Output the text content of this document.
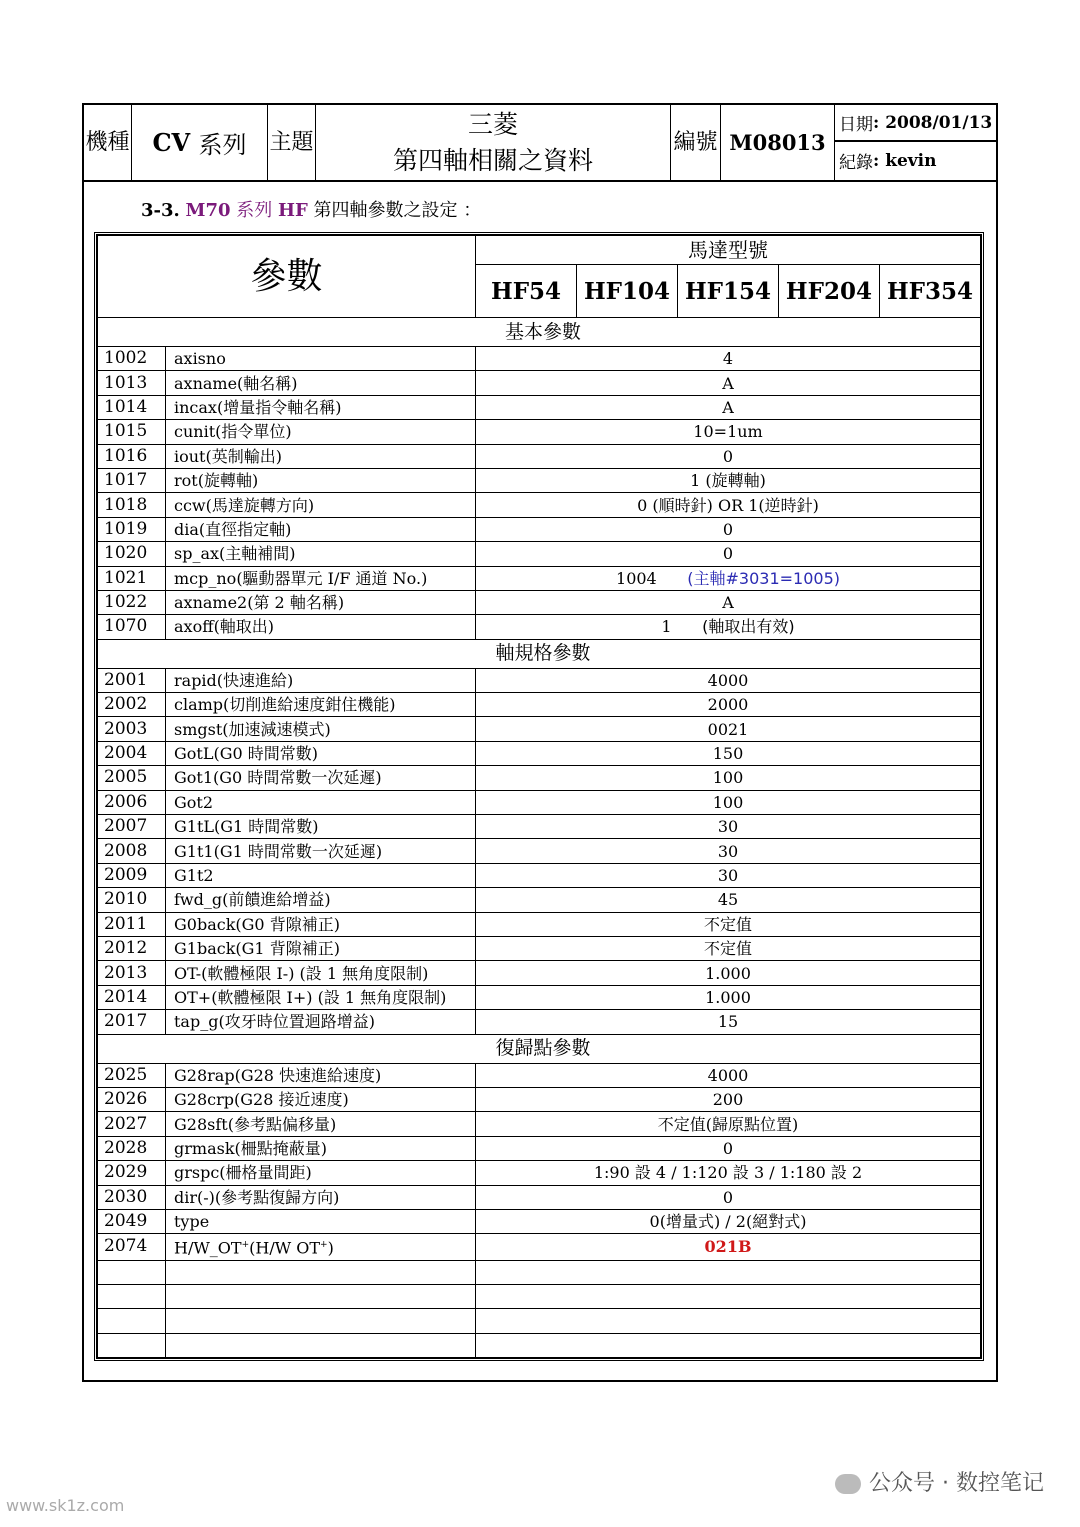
機種 CV
系列 主題
三菱
第四軸相關之資料
編號 M08013
日期 : 2008/01/13
紀錄 : kevin
3-3. M70 系列 HF 第四軸參數之設定 ：
參數		馬達型號				
		HF54	HF104	HF154	HF204	HF354
基本參數						
1002	axisno	4				
1013	axname(軸名稱)	A				
1014	incax(增量指令軸名稱)	A				
1015	cunit(指令單位)	10=1um				
1016	iout(英制輸出)	0				
1017	rot(旋轉軸)	1 (旋轉軸)				
1018	ccw(馬達旋轉方向)	0 (順時針) OR 1(逆時針)				
1019	dia(直徑指定軸)	0				
1020	sp_ax(主軸補間)	0				
1021	mcp_no(驅動器單元 I/F 通道 No.)	1004 (主軸#3031=1005)				
1022	axname2(第 2 軸名稱)	A				
1070	axoff(軸取出)	1 (軸取出有效)				
軸規格參數						
2001	rapid(快速進給)	4000				
2002	clamp(切削進給速度鉗住機能)	2000				
2003	smgst(加速減速模式)	0021				
2004	GotL(G0 時間常數)	150				
2005	Got1(G0 時間常數一次延遲)	100				
2006	Got2	100				
2007	G1tL(G1 時間常數)	30				
2008	G1t1(G1 時間常數一次延遲)	30				
2009	G1t2	30				
2010	fwd_g(前饋進給增益)	45				
2011	G0back(G0 背隙補正)	不定值				
2012	G1back(G1 背隙補正)	不定值				
2013	OT-(軟體極限 I-) (設 1 無角度限制)	1.000				
2014	OT+(軟體極限 I+) (設 1 無角度限制)	1.000				
2017	tap_g(攻牙時位置迴路增益)	15				
復歸點參數						
2025	G28rap(G28 快速進給速度)	4000				
2026	G28crp(G28 接近速度)	200				
2027	G28sft(參考點偏移量)	不定值(歸原點位置)				
2028	grmask(柵點掩蔽量)	0				
2029	grspc(柵格量間距)	1:90 設 4 / 1:120 設 3 / 1:180 設 2				
2030	dir(-)(參考點復歸方向)	0				
2049	type	0(增量式) / 2(絕對式)				
2074	H/W_OT+(H/W OT+)	021B				

公众号 · 数控笔记
www.sk1z.com
